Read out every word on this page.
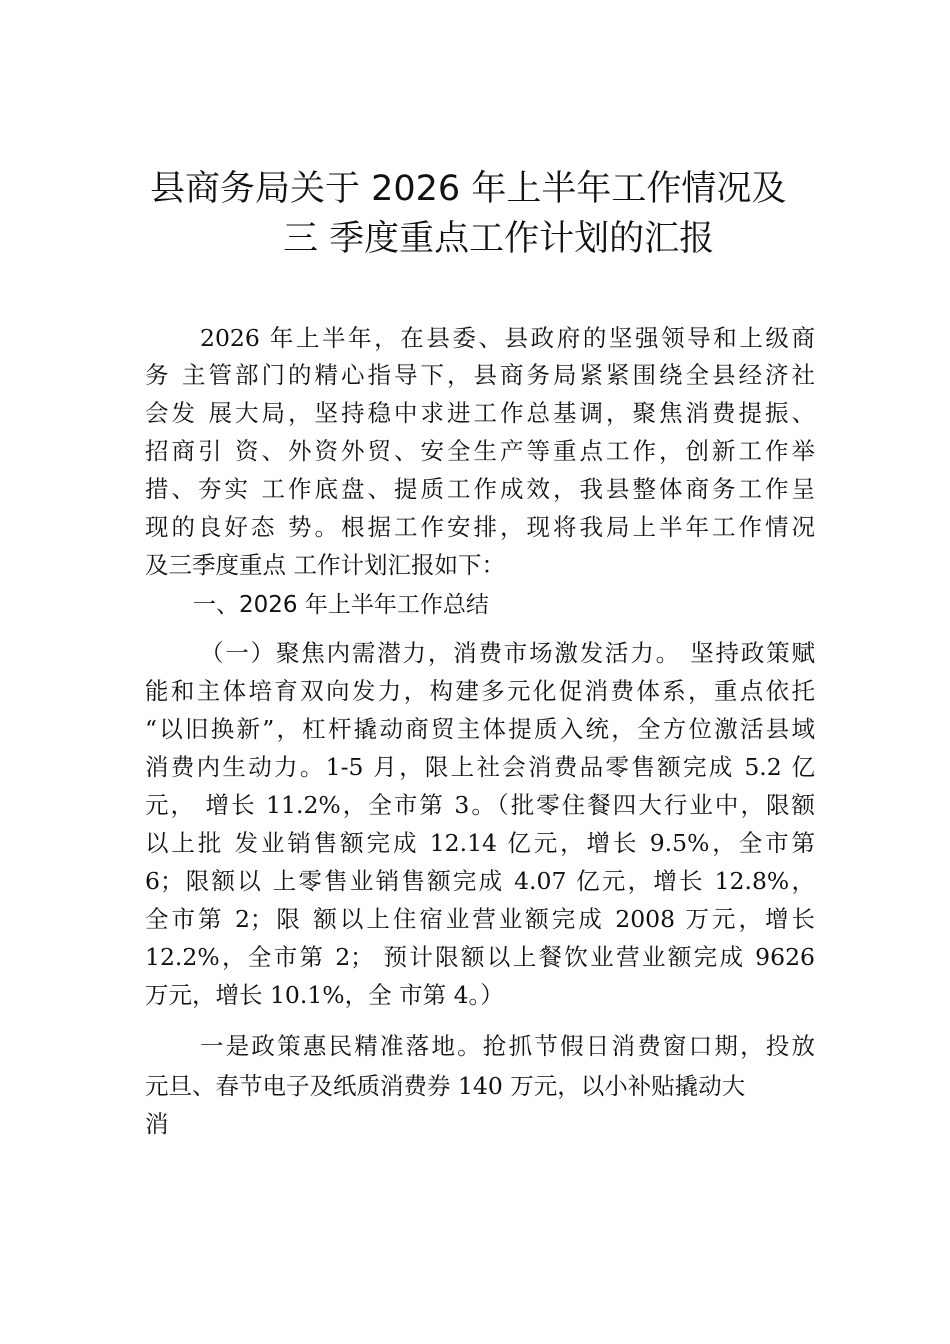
县商务局关于 2026 年上半年工作情况及
三 季度重点工作计划的汇报
2026 年上半年，在县委、县政府的坚强领导和上级商
务 主管部门的精心指导下，县商务局紧紧围绕全县经济社
会发 展大局，坚持稳中求进工作总基调，聚焦消费提振、
招商引 资、外资外贸、安全生产等重点工作，创新工作举
措、夯实 工作底盘、提质工作成效，我县整体商务工作呈
现的良好态 势。根据工作安排，现将我局上半年工作情况
及三季度重点 工作计划汇报如下：
一、2026 年上半年工作总结
（一）聚焦内需潜力，消费市场激发活力。 坚持政策赋
能和主体培育双向发力，构建多元化促消费体系，重点依托
“以旧换新”，杠杆撬动商贸主体提质入统，全方位激活县域
消费内生动力。1-5 月，限上社会消费品零售额完成 5.2 亿
元， 增长 11.2%，全市第 3。（批零住餐四大行业中，限额
以上批 发业销售额完成 12.14 亿元，增长 9.5%，全市第
6；限额以 上零售业销售额完成 4.07 亿元，增长 12.8%，
全市第 2；限 额以上住宿业营业额完成 2008 万元，增长
12.2%，全市第 2； 预计限额以上餐饮业营业额完成 9626
万元，增长 10.1%，全 市第 4。）
一是政策惠民精准落地。抢抓节假日消费窗口期，投放
元旦、春节电子及纸质消费券 140 万元，以小补贴撬动大
消
